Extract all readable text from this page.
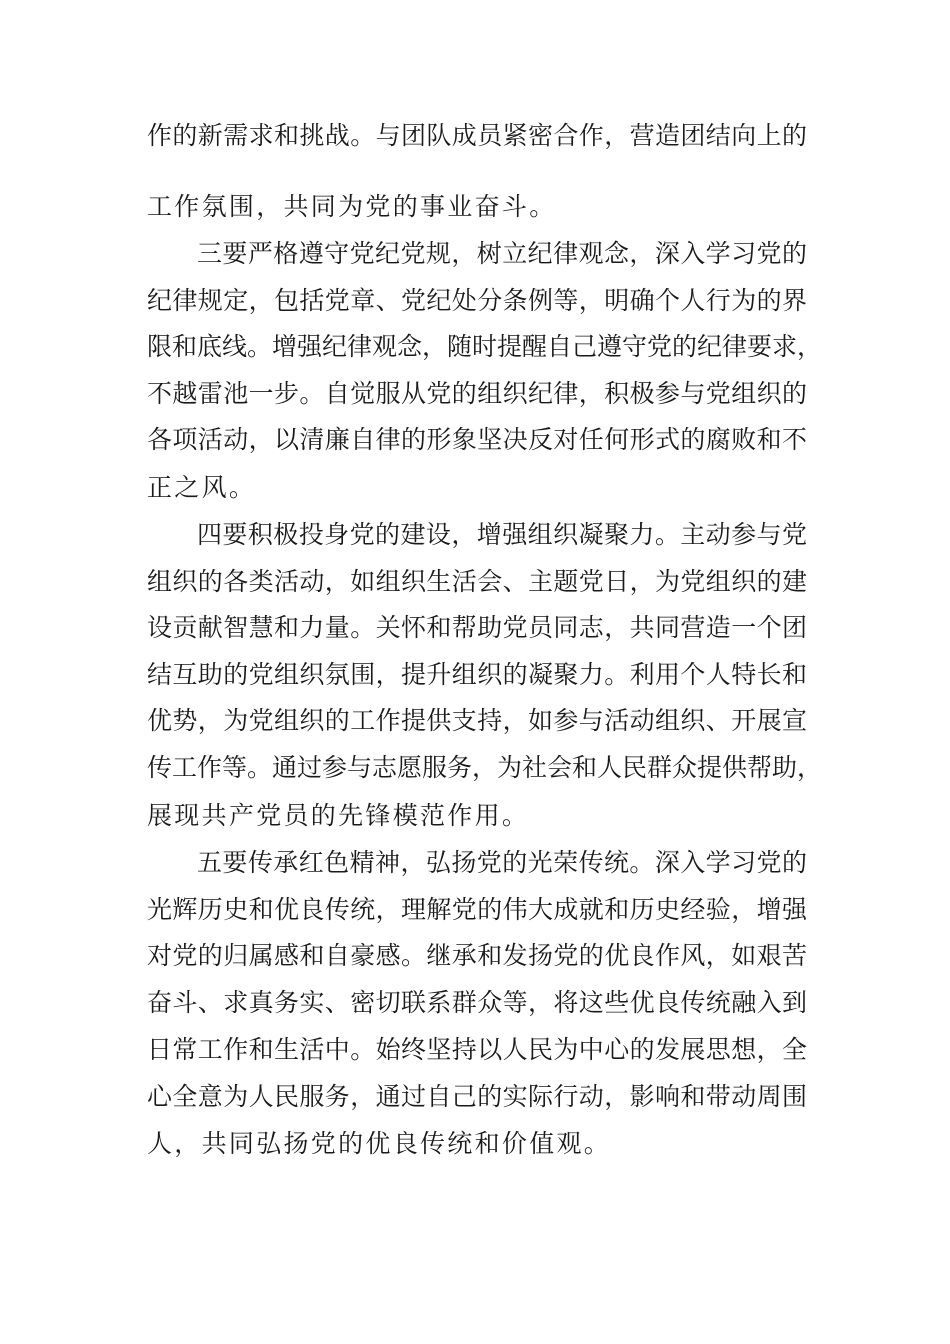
作的新需求和挑战。与团队成员紧密合作，营造团结向上的
工作氛围，共同为党的事业奋斗。
三要严格遵守党纪党规，树立纪律观念，深入学习党的
纪律规定，包括党章、党纪处分条例等，明确个人行为的界
限和底线。增强纪律观念，随时提醒自己遵守党的纪律要求，
不越雷池一步。自觉服从党的组织纪律，积极参与党组织的
各项活动，以清廉自律的形象坚决反对任何形式的腐败和不
正之风。
四要积极投身党的建设，增强组织凝聚力。主动参与党
组织的各类活动，如组织生活会、主题党日，为党组织的建
设贡献智慧和力量。关怀和帮助党员同志，共同营造一个团
结互助的党组织氛围，提升组织的凝聚力。利用个人特长和
优势，为党组织的工作提供支持，如参与活动组织、开展宣
传工作等。通过参与志愿服务，为社会和人民群众提供帮助，
展现共产党员的先锋模范作用。
五要传承红色精神，弘扬党的光荣传统。深入学习党的
光辉历史和优良传统，理解党的伟大成就和历史经验，增强
对党的归属感和自豪感。继承和发扬党的优良作风，如艰苦
奋斗、求真务实、密切联系群众等，将这些优良传统融入到
日常工作和生活中。始终坚持以人民为中心的发展思想，全
心全意为人民服务，通过自己的实际行动，影响和带动周围
人，共同弘扬党的优良传统和价值观。
